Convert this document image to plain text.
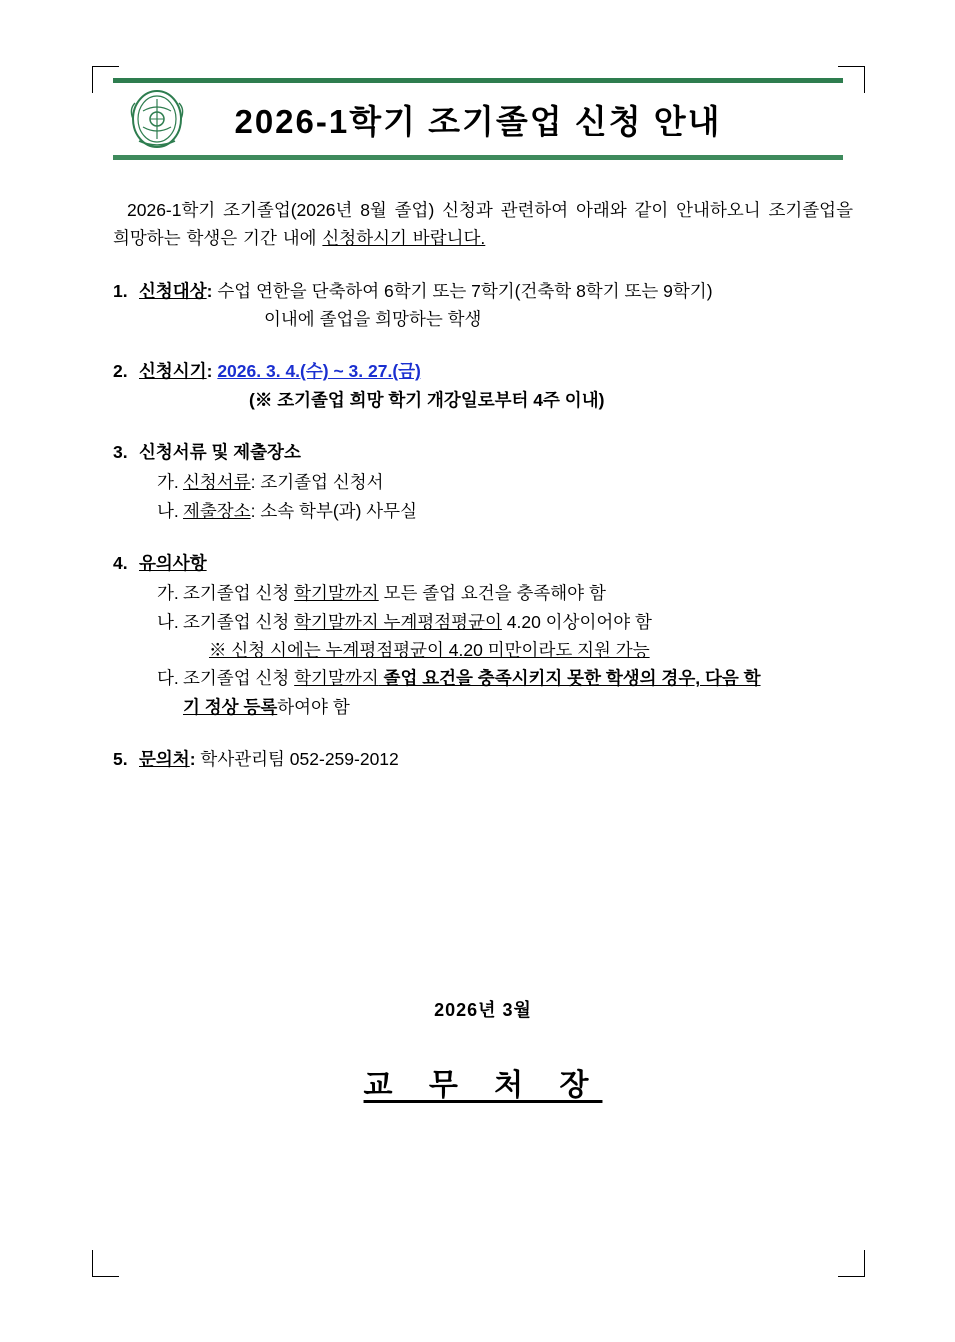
2026-1학기 조기졸업 신청 안내

2026-1학기 조기졸업(2026년 8월 졸업) 신청과 관련하여 아래와 같이 안내하오니 조기졸업을 희망하는 학생은 기간 내에 신청하시기 바랍니다.

1. 신청대상: 수업 연한을 단축하여 6학기 또는 7학기(건축학 8학기 또는 9학기)
이내에 졸업을 희망하는 학생
2. 신청시기: 2026. 3. 4.(수) ~ 3. 27.(금)
(※ 조기졸업 희망 학기 개강일로부터 4주 이내)
3. 신청서류 및 제출장소
가. 신청서류: 조기졸업 신청서
나. 제출장소: 소속 학부(과) 사무실
4. 유의사항
가. 조기졸업 신청 학기말까지 모든 졸업 요건을 충족해야 함
나. 조기졸업 신청 학기말까지 누계평점평균이 4.20 이상이어야 함
※ 신청 시에는 누계평점평균이 4.20 미만이라도 지원 가능
다. 조기졸업 신청 학기말까지 졸업 요건을 충족시키지 못한 학생의 경우, 다음 학
기 정상 등록하여야 함
5. 문의처: 학사관리팀 052-259-2012
2026년 3월
교 무 처 장
